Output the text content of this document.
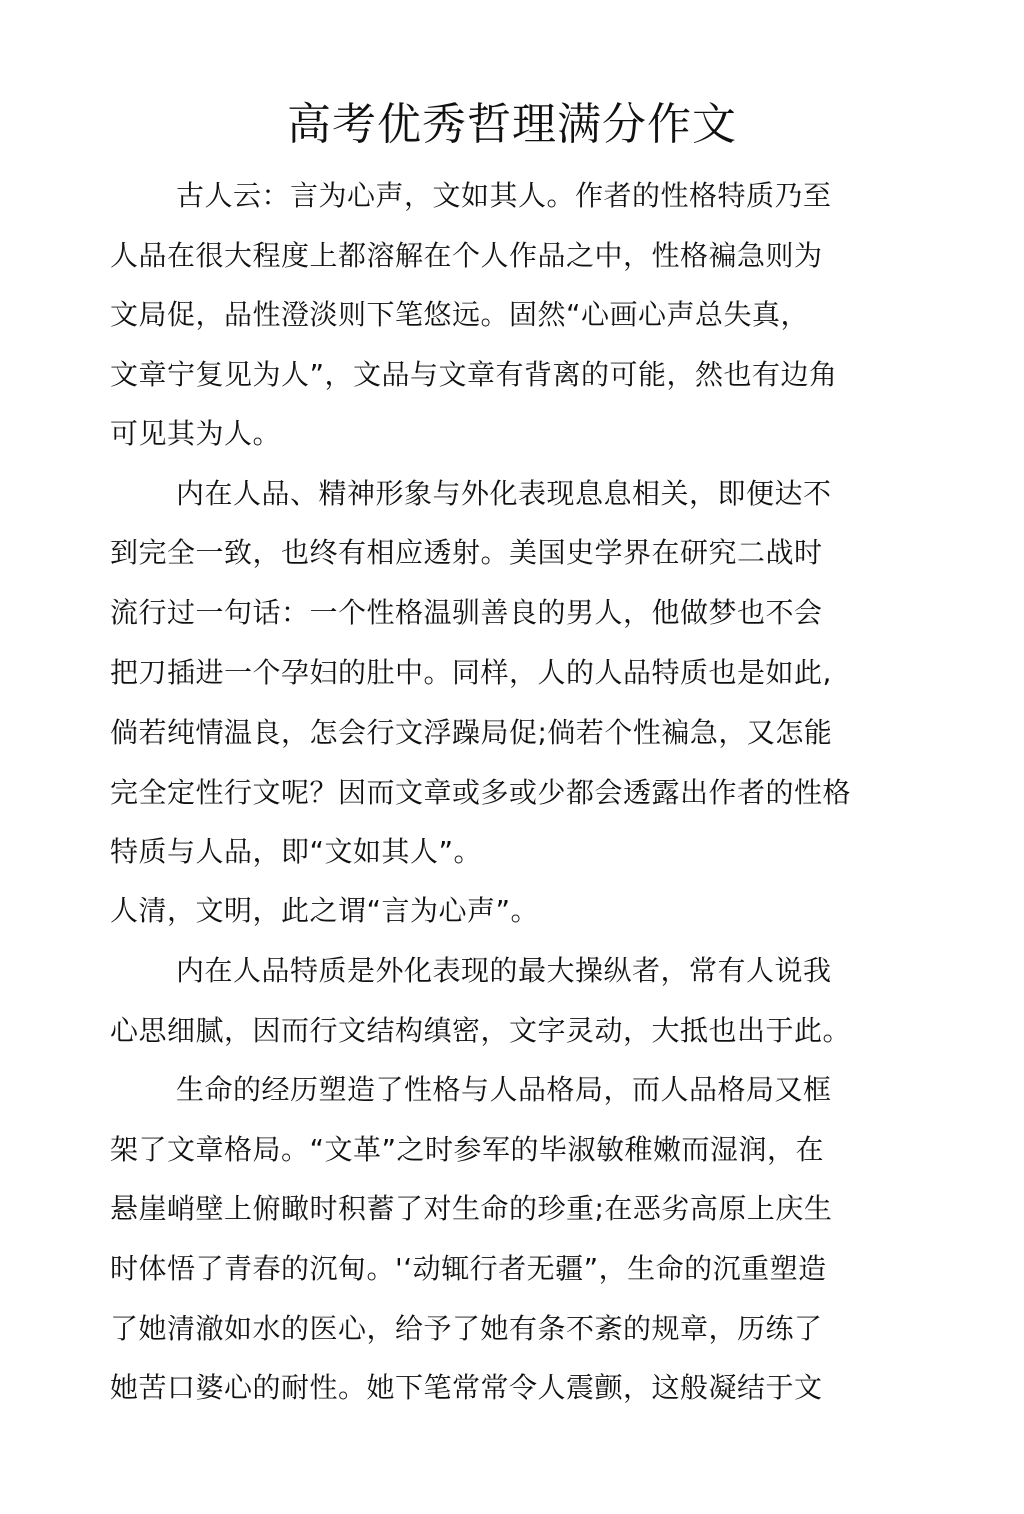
高考优秀哲理满分作文
古人云：言为心声，文如其人。作者的性格特质乃至
人品在很大程度上都溶解在个人作品之中，性格褊急则为
文局促，品性澄淡则下笔悠远。固然“心画心声总失真，
文章宁复见为人”，文品与文章有背离的可能，然也有边角
可见其为人。
内在人品、精神形象与外化表现息息相关，即便达不
到完全一致，也终有相应透射。美国史学界在研究二战时
流行过一句话：一个性格温驯善良的男人，他做梦也不会
把刀插进一个孕妇的肚中。同样，人的人品特质也是如此,
倘若纯情温良，怎会行文浮躁局促;倘若个性褊急，又怎能
完全定性行文呢？因而文章或多或少都会透露出作者的性格
特质与人品，即“文如其人”。
人清，文明，此之谓“言为心声”。
内在人品特质是外化表现的最大操纵者，常有人说我
心思细腻，因而行文结构缜密，文字灵动，大抵也出于此。
生命的经历塑造了性格与人品格局，而人品格局又框
架了文章格局。“文革”之时参军的毕淑敏稚嫩而湿润，在
悬崖峭壁上俯瞰时积蓄了对生命的珍重;在恶劣高原上庆生
时体悟了青春的沉甸。'‘动辄行者无疆”，生命的沉重塑造
了她清澈如水的医心，给予了她有条不紊的规章，历练了
她苦口婆心的耐性。她下笔常常令人震颤，这般凝结于文
